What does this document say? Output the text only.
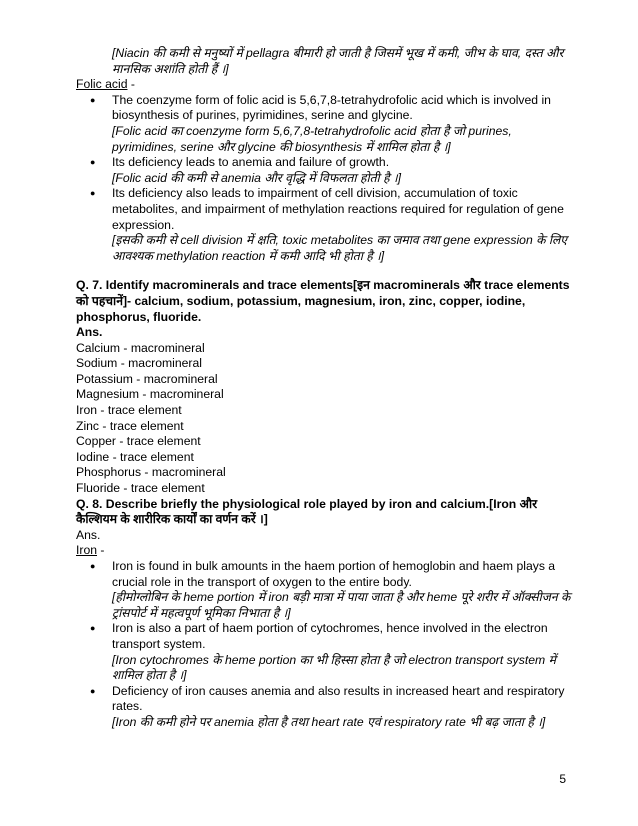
[Niacin की कमी से मनुष्यों में pellagra बीमारी हो जाती है जिसमें भूख में कमी, जीभ के घाव, दस्त और मानसिक अशांति होती हैं ।]

Folic acid -

● The coenzyme form of folic acid is 5,6,7,8-tetrahydrofolic acid which is involved in biosynthesis of purines, pyrimidines, serine and glycine.

[Folic acid का coenzyme form 5,6,7,8-tetrahydrofolic acid होता है जो purines, pyrimidines, serine और glycine की biosynthesis में शामिल होता है ।]

● Its deficiency leads to anemia and failure of growth.

[Folic acid की कमी से anemia और वृद्धि में विफलता होती है ।]

● Its deficiency also leads to impairment of cell division, accumulation of toxic metabolites, and impairment of methylation reactions required for regulation of gene expression.

[इसकी कमी से cell division में क्षति, toxic metabolites का जमाव तथा gene expression के लिए आवश्यक methylation reaction में कमी आदि भी होता है ।]

Q. 7. Identify macrominerals and trace elements[इन macrominerals और trace elements को पहचानें]- calcium, sodium, potassium, magnesium, iron, zinc, copper, iodine, phosphorus, fluoride.

Ans.

Calcium - macromineral

Sodium - macromineral

Potassium - macromineral

Magnesium - macromineral

Iron - trace element

Zinc - trace element

Copper - trace element

Iodine - trace element

Phosphorus - macromineral

Fluoride - trace element

Q. 8. Describe briefly the physiological role played by iron and calcium.[Iron और कैल्शियम के शारीरिक कार्यों का वर्णन करें ।]

Ans.

Iron -

● Iron is found in bulk amounts in the haem portion of hemoglobin and haem plays a crucial role in the transport of oxygen to the entire body.

[हीमोग्लोबिन के heme portion में iron बड़ी मात्रा में पाया जाता है और heme पूरे शरीर में ऑक्सीजन के ट्रांसपोर्ट में महत्वपूर्ण भूमिका निभाता है ।]

● Iron is also a part of haem portion of cytochromes, hence involved in the electron transport system.

[Iron cytochromes के heme portion का भी हिस्सा होता है जो electron transport system में शामिल होता है ।]

● Deficiency of iron causes anemia and also results in increased heart and respiratory rates.

[Iron की कमी होने पर anemia होता है तथा heart rate एवं respiratory rate भी बढ़ जाता है ।]

5
